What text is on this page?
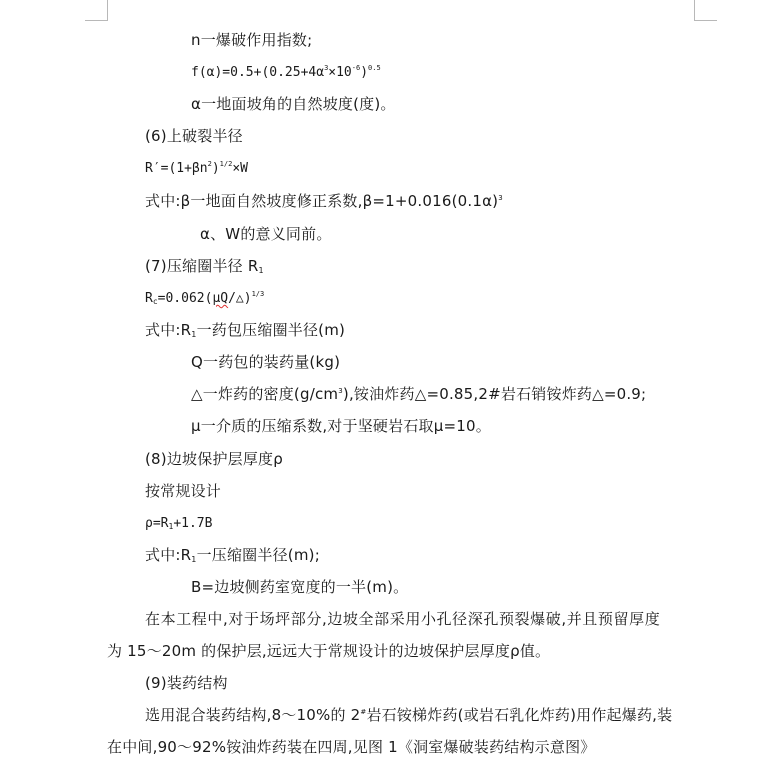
n一爆破作用指数;
$f(\alpha)=0.5+(0.25+4\alpha^3\times 10^{-6})^{0.5}$
α一地面坡角的自然坡度(度)。
(6)上破裂半径
$R'=(1+\beta n^2)^{1/2}\times W$
式中:β一地面自然坡度修正系数$,\beta=1+0.016(0.1\alpha)^3$
α、W的意义同前。
(7)压缩圈半径 $R_1$
$R_c=0.062(\mu Q/\triangle)^{1/3}$
式中$:R_1$一药包压缩圈半径(m)
Q一药包的装药量(kg)
△一炸药的密度$(g/cm^3)$,铵油炸药△=0.85,2#岩石销铵炸药△=0.9;
μ一介质的压缩系数,对于坚硬岩石取μ=10。
(8)边坡保护层厚度ρ
按常规设计
$\rho=R_1+1.7B$
式中$:R_1$一压缩圈半径(m);
B=边坡侧药室宽度的一半(m)。
在本工程中,对于场坪部分,边坡全部采用小孔径深孔预裂爆破,并且预留厚度
为 15～20m 的保护层,远远大于常规设计的边坡保护层厚度ρ值。
(9)装药结构
选用混合装药结构,8～10%的 2#岩石铵梯炸药(或岩石乳化炸药)用作起爆药,装
在中间,90～92%铵油炸药装在四周,见图 1《洞室爆破装药结构示意图》
